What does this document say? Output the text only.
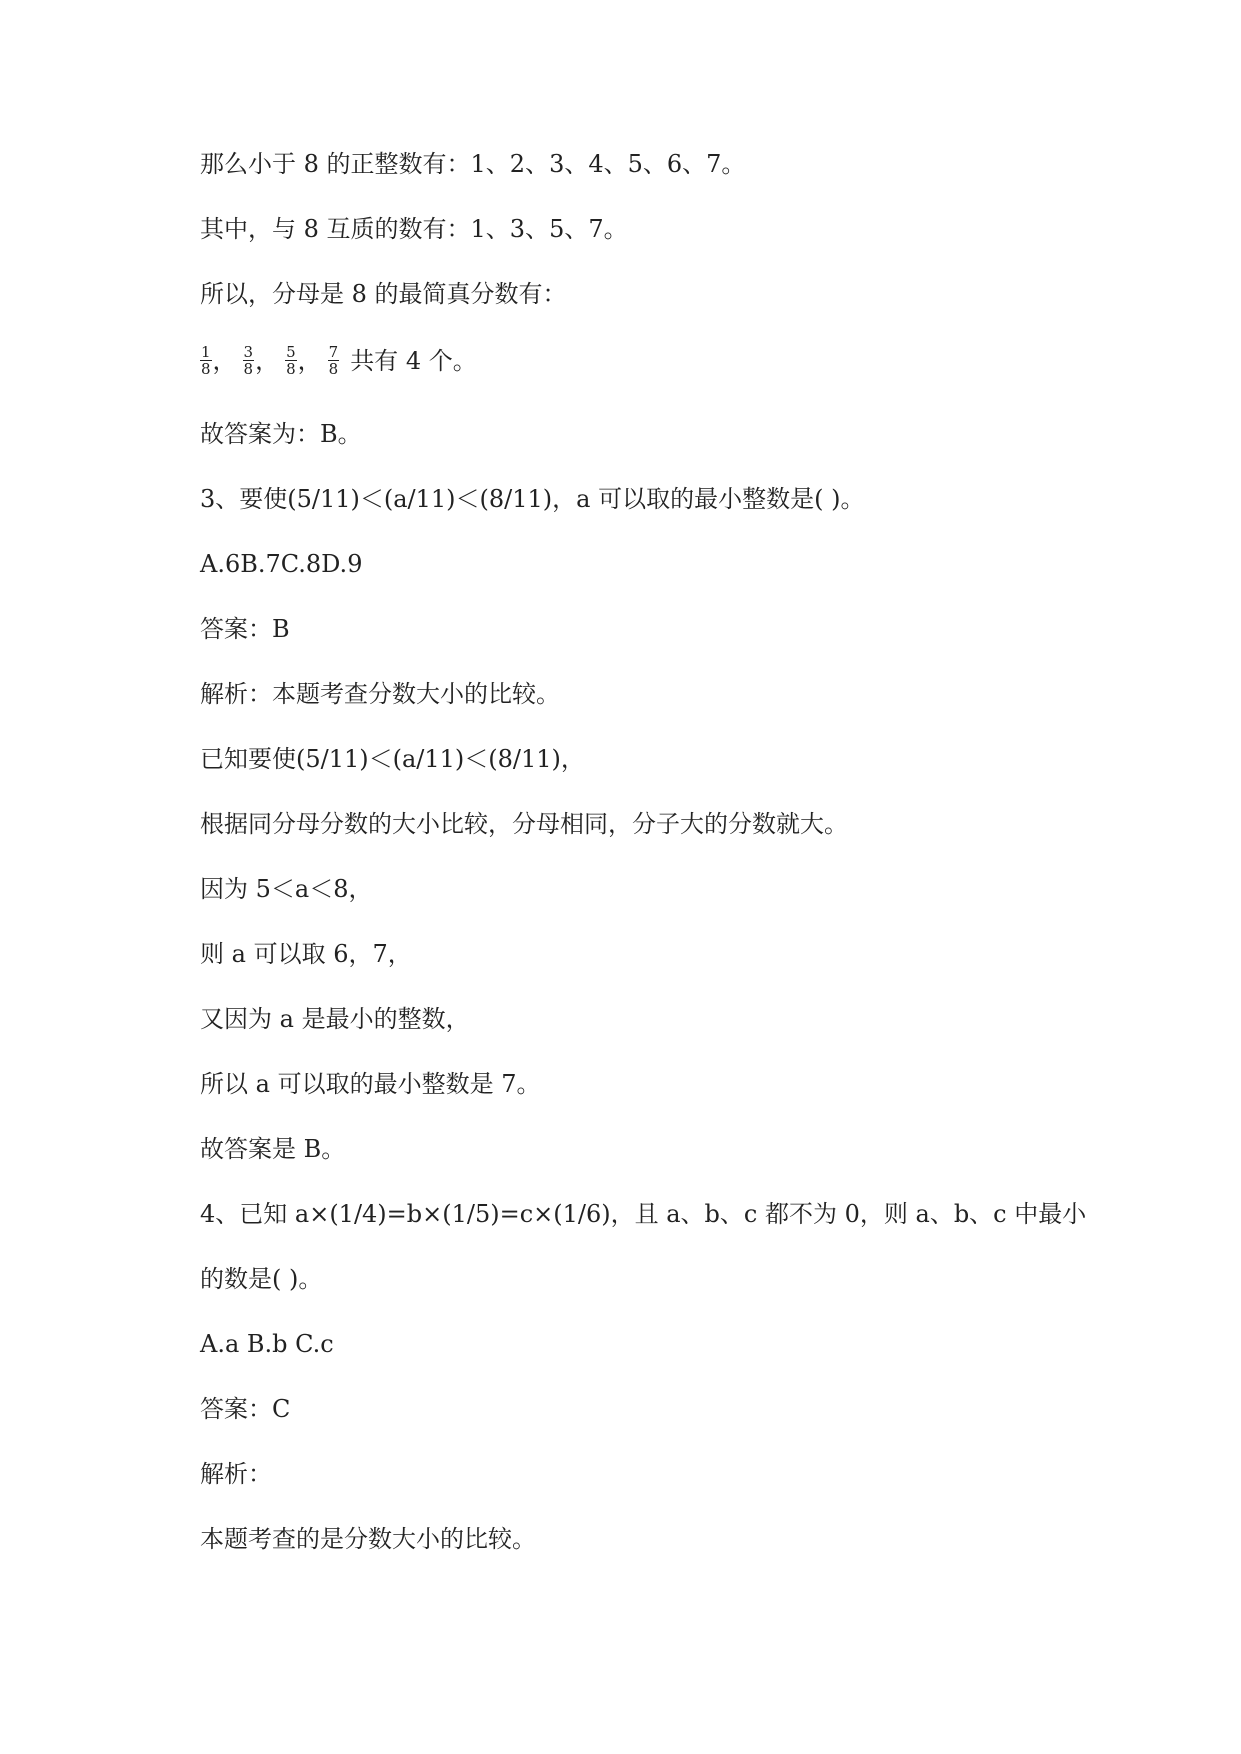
那么小于 8 的正整数有：1、2、3、4、5、6、7。
其中，与 8 互质的数有：1、3、5、7。
所以，分母是 8 的最简真分数有：
$\frac{1}{8}$ ， $\frac{3}{8}$ ， $\frac{5}{8}$ ， $\frac{7}{8}$ 共有 4 个。
故答案为：B。
3、要使(5/11)＜(a/11)＜(8/11)，a 可以取的最小整数是( )。
A.6B.7C.8D.9
答案：B
解析：本题考查分数大小的比较。
已知要使(5/11)＜(a/11)＜(8/11)，
根据同分母分数的大小比较，分母相同，分子大的分数就大。
因为 5＜a＜8，
则 a 可以取 6，7，
又因为 a 是最小的整数，
所以 a 可以取的最小整数是 7。
故答案是 B。
4、已知 a×(1/4)=b×(1/5)=c×(1/6)，且 a、b、c 都不为 0，则 a、b、c 中最小
的数是( )。
A.a B.b C.c
答案：C
解析：
本题考查的是分数大小的比较。
